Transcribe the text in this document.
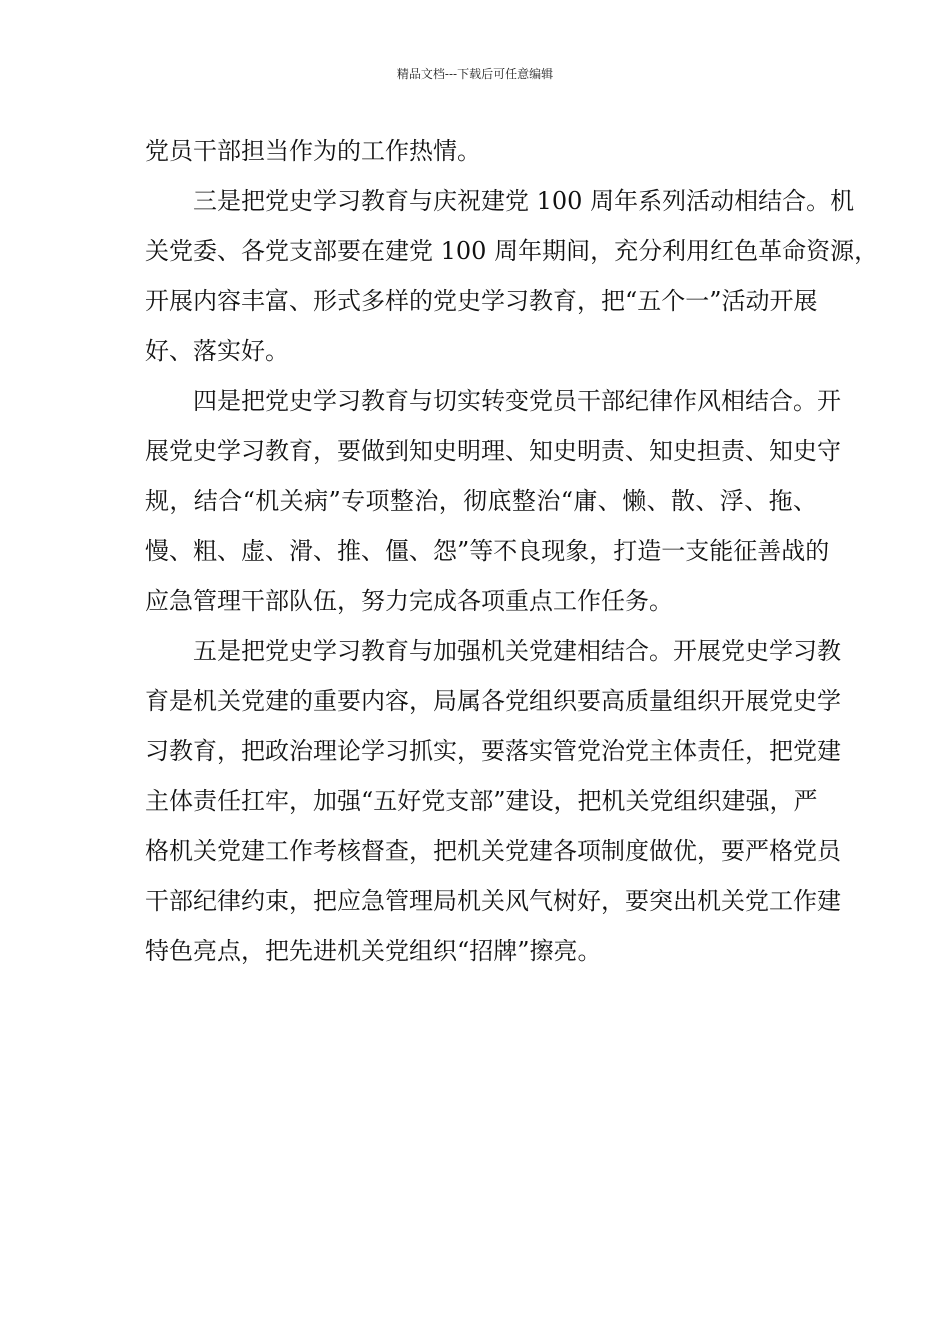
精品文档---下载后可任意编辑
党员干部担当作为的工作热情。
三是把党史学习教育与庆祝建党 100 周年系列活动相结合。机
关党委、各党支部要在建党 100 周年期间，充分利用红色革命资源，
开展内容丰富、形式多样的党史学习教育，把“五个一”活动开展
好、落实好。
四是把党史学习教育与切实转变党员干部纪律作风相结合。开
展党史学习教育，要做到知史明理、知史明责、知史担责、知史守
规，结合“机关病”专项整治，彻底整治“庸、懒、散、浮、拖、
慢、粗、虚、滑、推、僵、怨”等不良现象，打造一支能征善战的
应急管理干部队伍，努力完成各项重点工作任务。
五是把党史学习教育与加强机关党建相结合。开展党史学习教
育是机关党建的重要内容，局属各党组织要高质量组织开展党史学
习教育，把政治理论学习抓实，要落实管党治党主体责任，把党建
主体责任扛牢，加强“五好党支部”建设，把机关党组织建强，严
格机关党建工作考核督查，把机关党建各项制度做优，要严格党员
干部纪律约束，把应急管理局机关风气树好，要突出机关党工作建
特色亮点，把先进机关党组织“招牌”擦亮。
